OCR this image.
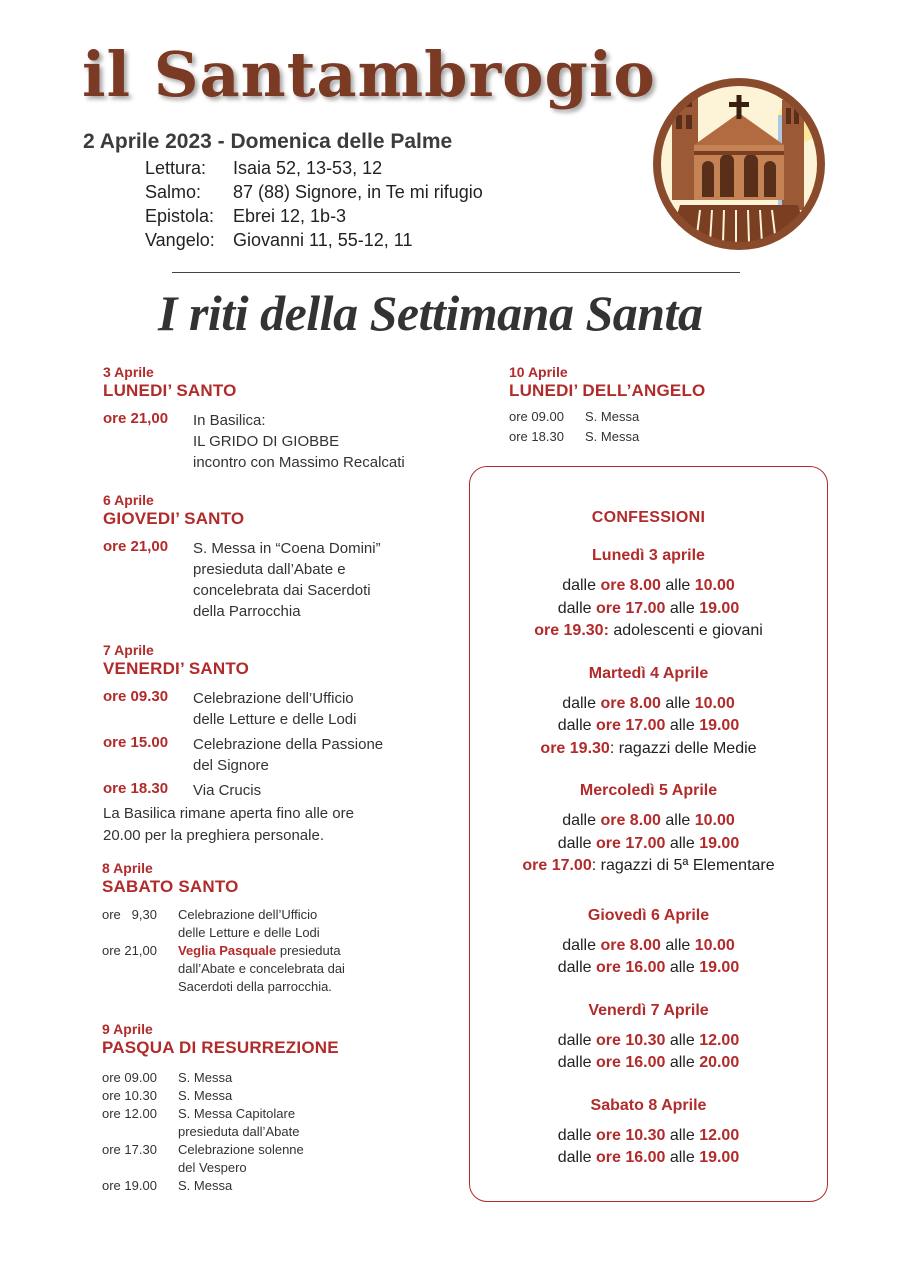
il Santambrogio
2 Aprile 2023 - Domenica delle Palme
Lettura: Isaia 52, 13-53, 12
Salmo: 87 (88) Signore, in Te mi rifugio
Epistola: Ebrei 12, 1b-3
Vangelo: Giovanni 11, 55-12, 11
I riti della Settimana Santa
3 Aprile
LUNEDI’ SANTO
ore 21,00	In Basilica:
IL GRIDO DI GIOBBE
incontro con Massimo Recalcati
6 Aprile
GIOVEDI’ SANTO
ore 21,00	S. Messa in “Coena Domini”
presieduta dall’Abate e
concelebrata dai Sacerdoti
della Parrocchia
7 Aprile
VENERDI’ SANTO
ore 09.30	Celebrazione dell’Ufficio
delle Letture e delle Lodi
ore 15.00	Celebrazione della Passione
del Signore
ore 18.30	Via Crucis
La Basilica rimane aperta fino alle ore
20.00 per la preghiera personale.
8 Aprile
SABATO SANTO
ore   9,30	Celebrazione dell’Ufficio
delle Letture e delle Lodi
ore 21,00	Veglia Pasquale presieduta
dall’Abate e concelebrata dai
Sacerdoti della parrocchia.
9 Aprile
PASQUA DI RESURREZIONE
ore 09.00	S. Messa
ore 10.30	S. Messa
ore 12.00	S. Messa Capitolare
presieduta dall’Abate
ore 17.30	Celebrazione solenne
del Vespero
ore 19.00	S. Messa
10 Aprile
LUNEDI’ DELL’ANGELO
ore 09.00	S. Messa
ore 18.30	S. Messa
CONFESSIONI
Lunedì 3 aprile
dalle ore 8.00 alle 10.00
dalle ore 17.00 alle 19.00
ore 19.30: adolescenti e giovani
Martedì 4 Aprile
dalle ore 8.00 alle 10.00
dalle ore 17.00 alle 19.00
ore 19.30: ragazzi delle Medie
Mercoledì 5 Aprile
dalle ore 8.00 alle 10.00
dalle ore 17.00 alle 19.00
ore 17.00: ragazzi di 5ª Elementare
Giovedì 6 Aprile
dalle ore 8.00 alle 10.00
dalle ore 16.00 alle 19.00
Venerdì 7 Aprile
dalle ore 10.30 alle 12.00
dalle ore 16.00 alle 20.00
Sabato 8 Aprile
dalle ore 10.30 alle 12.00
dalle ore 16.00 alle 19.00
